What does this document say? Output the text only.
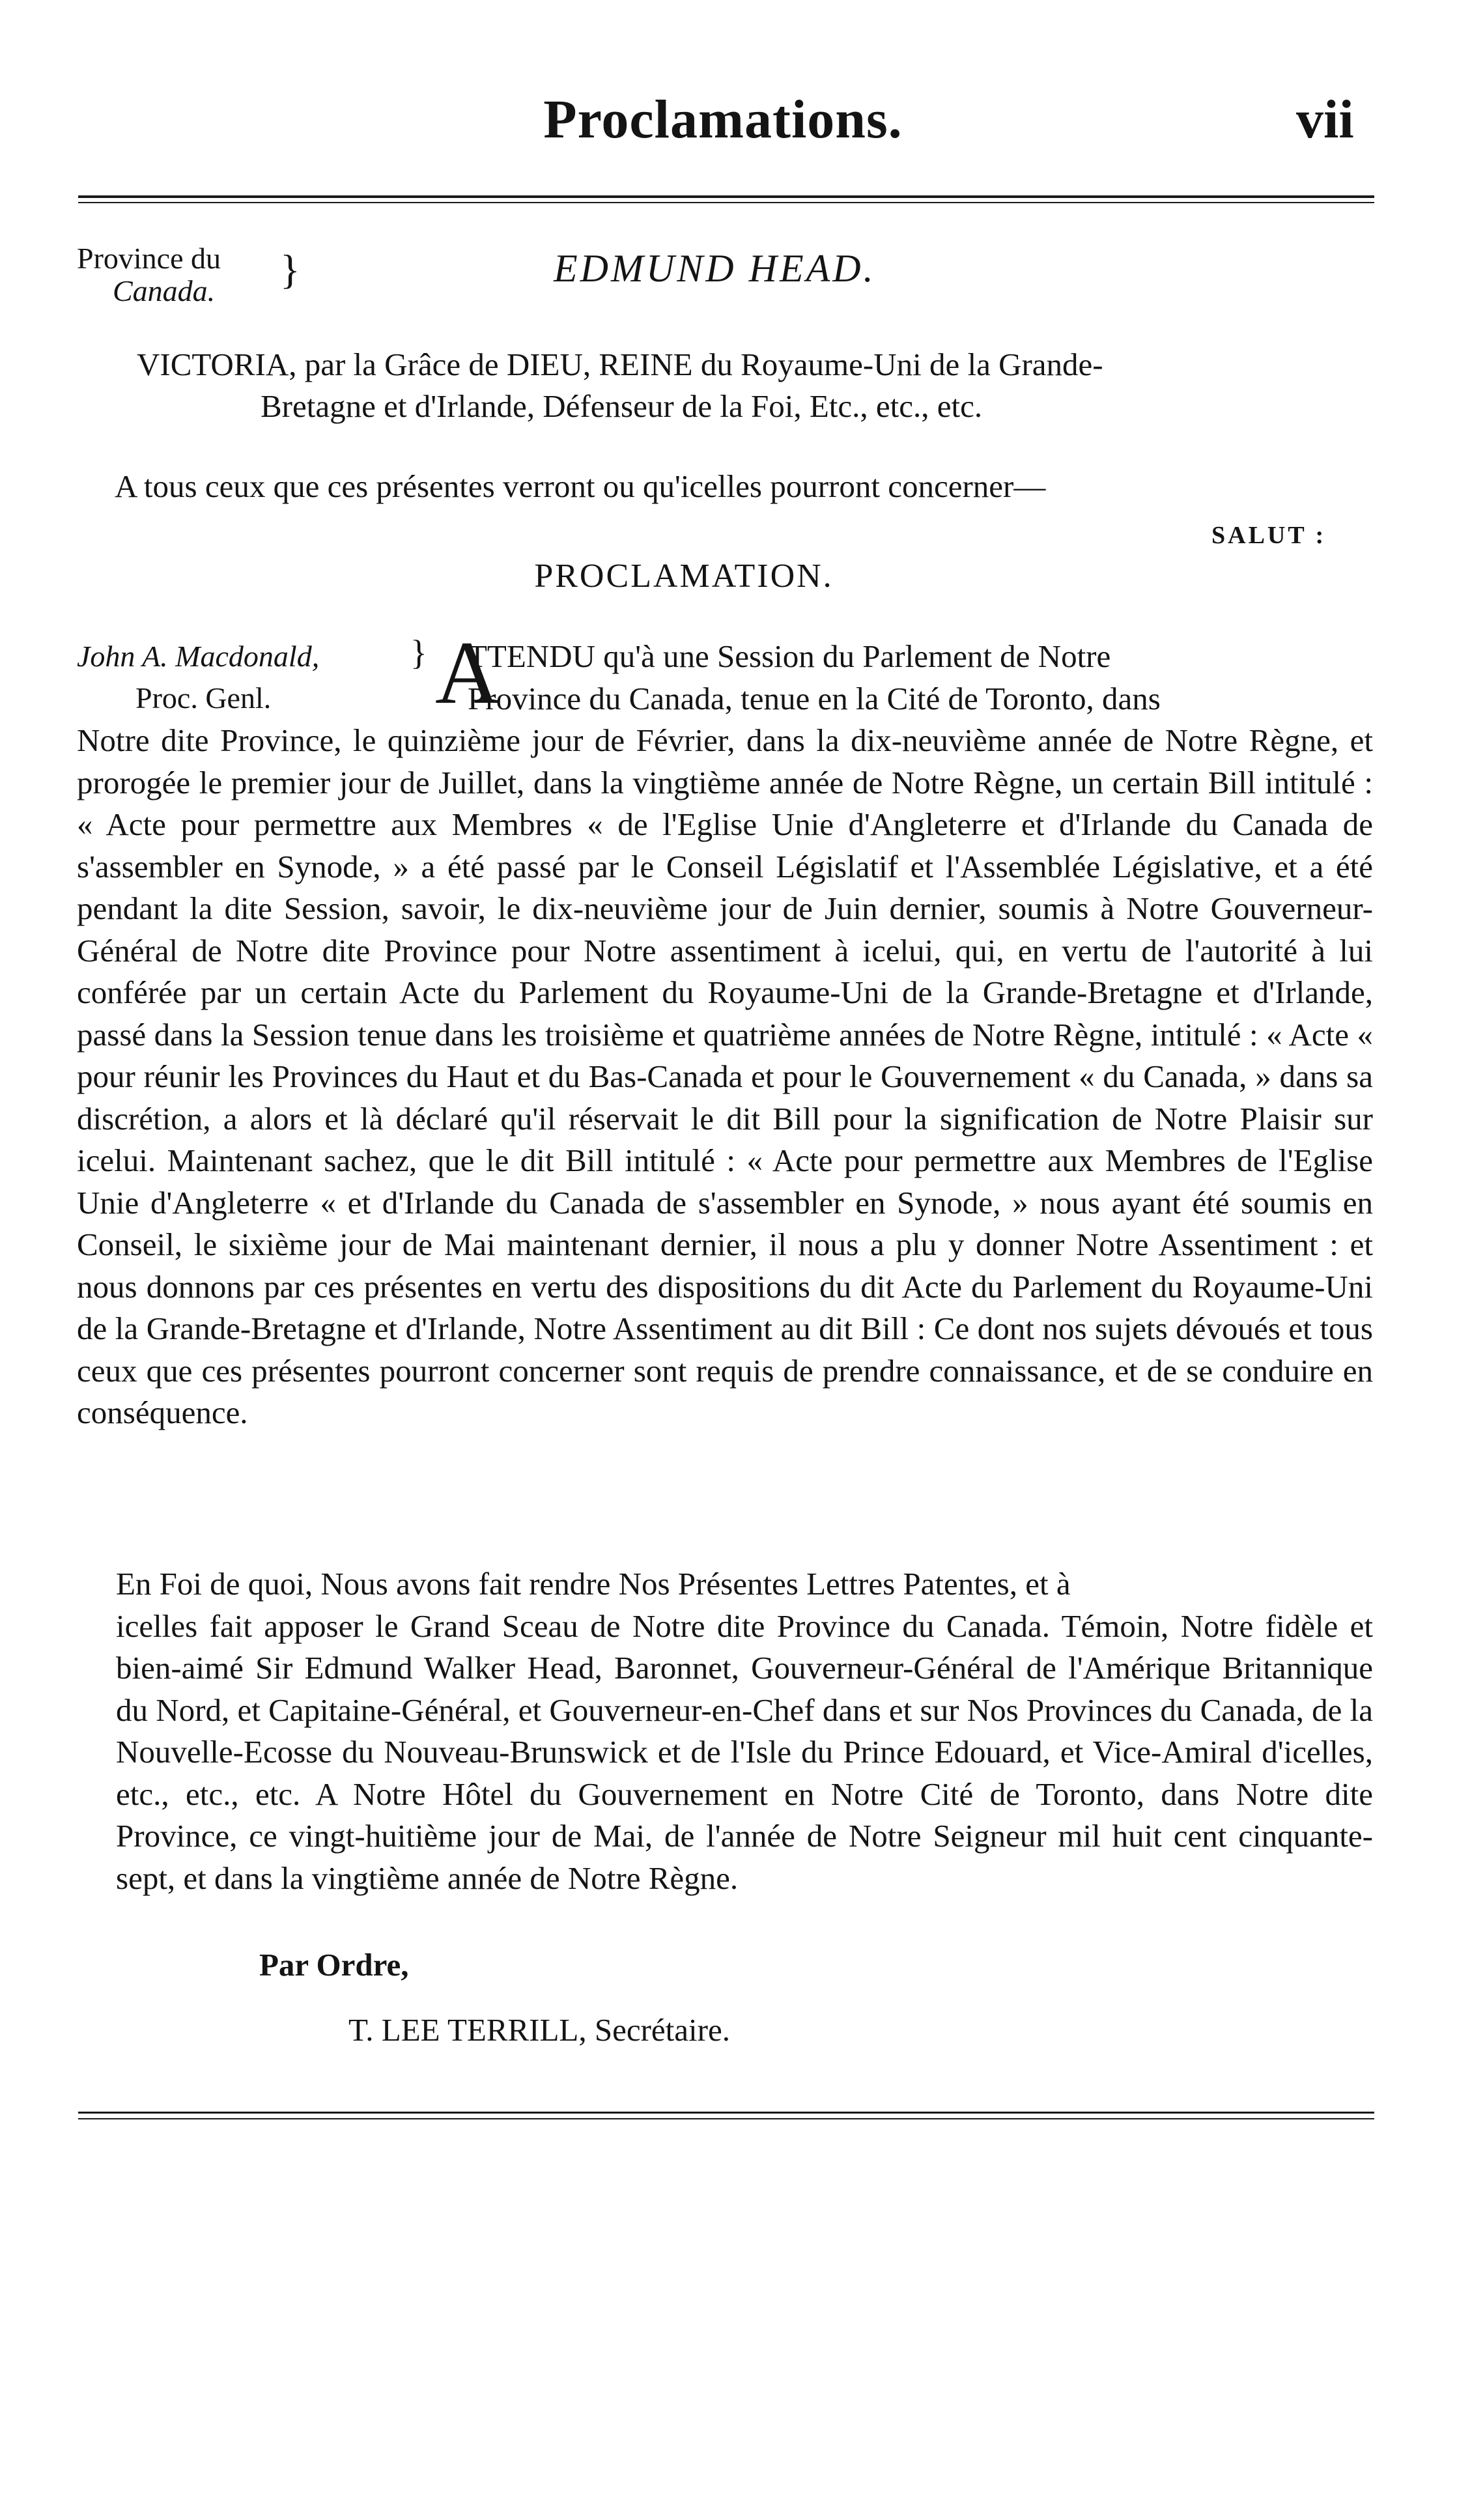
Proclamations.	vii
Province du
Canada. }	EDMUND HEAD.
VICTORIA, par la Grâce de DIEU, REINE du Royaume-Uni de la Grande-
Bretagne et d'Irlande, Défenseur de la Foi, Etc., etc., etc.
A tous ceux que ces présentes verront ou qu'icelles pourront concerner—
SALUT :
PROCLAMATION.
John A. Macdonald,
Proc. Genl.
} A

TTENDU qu'à une Session du Parlement de Notre

Province du Canada, tenue en la Cité de Toronto, dans

Notre dite Province, le quinzième jour de Février, dans la dix-neuvième année de Notre Règne, et prorogée le premier jour de Juillet, dans la vingtième année de Notre Règne, un certain Bill intitulé : « Acte pour permettre aux Membres « de l'Eglise Unie d'Angleterre et d'Irlande du Canada de s'assembler en Synode, » a été passé par le Conseil Législatif et l'Assemblée Législative, et a été pendant la dite Session, savoir, le dix-neuvième jour de Juin dernier, soumis à Notre Gouverneur-Général de Notre dite Province pour Notre assentiment à icelui, qui, en vertu de l'autorité à lui conférée par un certain Acte du Parlement du Royaume-Uni de la Grande-Bretagne et d'Irlande, passé dans la Session tenue dans les troisième et quatrième années de Notre Règne, intitulé : « Acte « pour réunir les Provinces du Haut et du Bas-Canada et pour le Gouvernement « du Canada, » dans sa discrétion, a alors et là déclaré qu'il réservait le dit Bill pour la signification de Notre Plaisir sur icelui. Maintenant sachez, que le dit Bill intitulé : « Acte pour permettre aux Membres de l'Eglise Unie d'Angleterre « et d'Irlande du Canada de s'assembler en Synode, » nous ayant été soumis en Conseil, le sixième jour de Mai maintenant dernier, il nous a plu y donner Notre Assentiment : et nous donnons par ces présentes en vertu des dispositions du dit Acte du Parlement du Royaume-Uni de la Grande-Bretagne et d'Irlande, Notre Assentiment au dit Bill : Ce dont nos sujets dévoués et tous ceux que ces présentes pourront concerner sont requis de prendre connaissance, et de se conduire en conséquence.

En Foi de quoi, Nous avons fait rendre Nos Présentes Lettres Patentes, et à

icelles fait apposer le Grand Sceau de Notre dite Province du Canada. Témoin, Notre fidèle et bien-aimé Sir Edmund Walker Head, Baronnet, Gouverneur-Général de l'Amérique Britannique du Nord, et Capitaine-Général, et Gouverneur-en-Chef dans et sur Nos Provinces du Canada, de la Nouvelle-Ecosse du Nouveau-Brunswick et de l'Isle du Prince Edouard, et Vice-Amiral d'icelles, etc., etc., etc. A Notre Hôtel du Gouvernement en Notre Cité de Toronto, dans Notre dite Province, ce vingt-huitième jour de Mai, de l'année de Notre Seigneur mil huit cent cinquante-sept, et dans la vingtième année de Notre Règne.

Par Ordre,
T. LEE TERRILL, Secrétaire.
